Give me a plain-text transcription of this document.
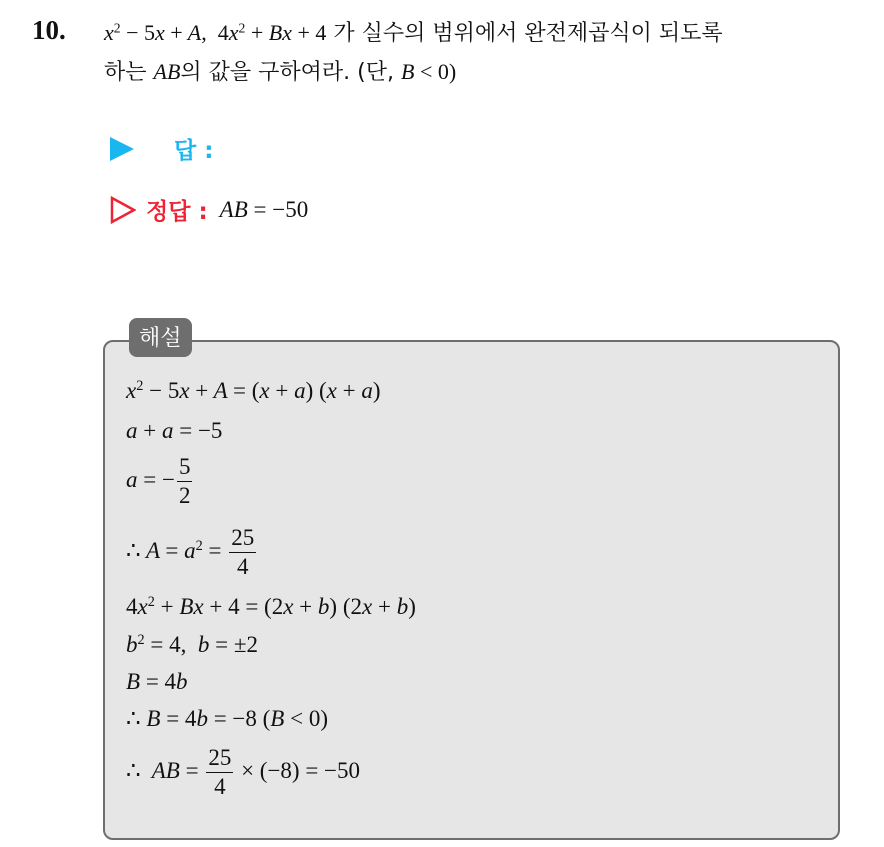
10. $x^2 - 5x + A$, $4x^2 + Bx + 4$ 가 실수의 범위에서 완전제곱식이 되도록
하는 AB의 값을 구하여라. (단, B < 0)
답 :
정답 : AB = −50
해설
$x^2 - 5x + A = (x + a) (x + a)$
a + a = −5
a = − $\frac{5}{2}$
∴ $A = a^2 = \frac{25}{4}$
$4x^2 + Bx + 4 = (2x + b) (2x + b)$
$b^2 = 4$,  b = ±2
B = 4b
∴ B = 4b = −8 (B < 0)
∴  AB = $\frac{25}{4} \times (-8) = -50$
